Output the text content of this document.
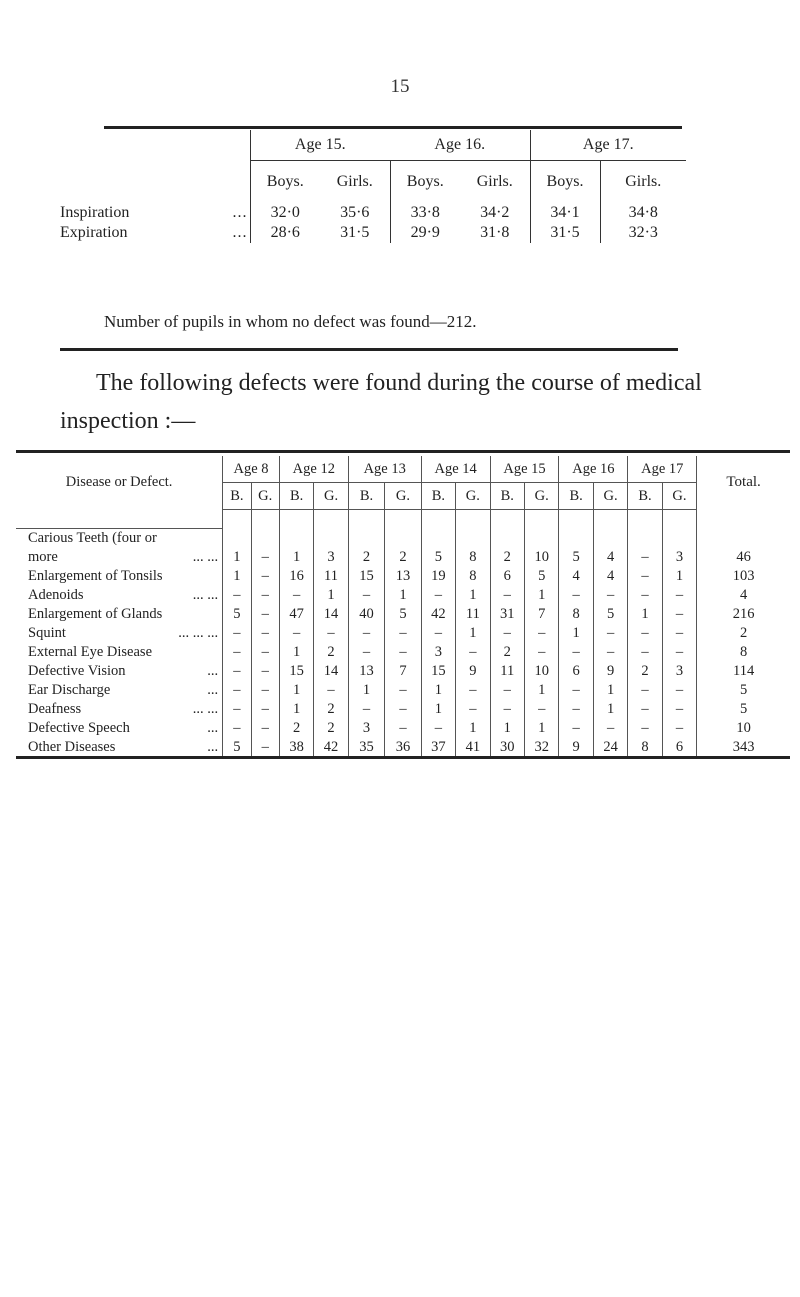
15
	Age 15.		Age 16.		Age 17.	
	Boys.	Girls.	Boys.	Girls.	Boys.	Girls.
Inspiration ...	32·0	35·6	33·8	34·2	34·1	34·8
Expiration ...	28·6	31·5	29·9	31·8	31·5	32·3
Number of pupils in whom no defect was found—212.
The following defects were found during the course of medical
inspection :—
Disease or Defect.	Age 8		Age 12		Age 13		Age 14		Age 15		Age 16		Age 17		Total.
	B.	G.	B.	G.	B.	G.	B.	G.	B.	G.	B.	G.	B.	G.	

Carious Teeth (four or															
more ... ...	1	–	1	3	2	2	5	8	2	10	5	4	–	3	46
Enlargement of Tonsils	1	–	16	11	15	13	19	8	6	5	4	4	–	1	103
Adenoids ... ...	–	–	–	1	–	1	–	1	–	1	–	–	–	–	4
Enlargement of Glands	5	–	47	14	40	5	42	11	31	7	8	5	1	–	216
Squint ... ... ...	–	–	–	–	–	–	–	1	–	–	1	–	–	–	2
External Eye Disease	–	–	1	2	–	–	3	–	2	–	–	–	–	–	8
Defective Vision ...	–	–	15	14	13	7	15	9	11	10	6	9	2	3	114
Ear Discharge ...	–	–	1	–	1	–	1	–	–	1	–	1	–	–	5
Deafness ... ...	–	–	1	2	–	–	1	–	–	–	–	1	–	–	5
Defective Speech ...	–	–	2	2	3	–	–	1	1	1	–	–	–	–	10
Other Diseases ...	5	–	38	42	35	36	37	41	30	32	9	24	8	6	343
